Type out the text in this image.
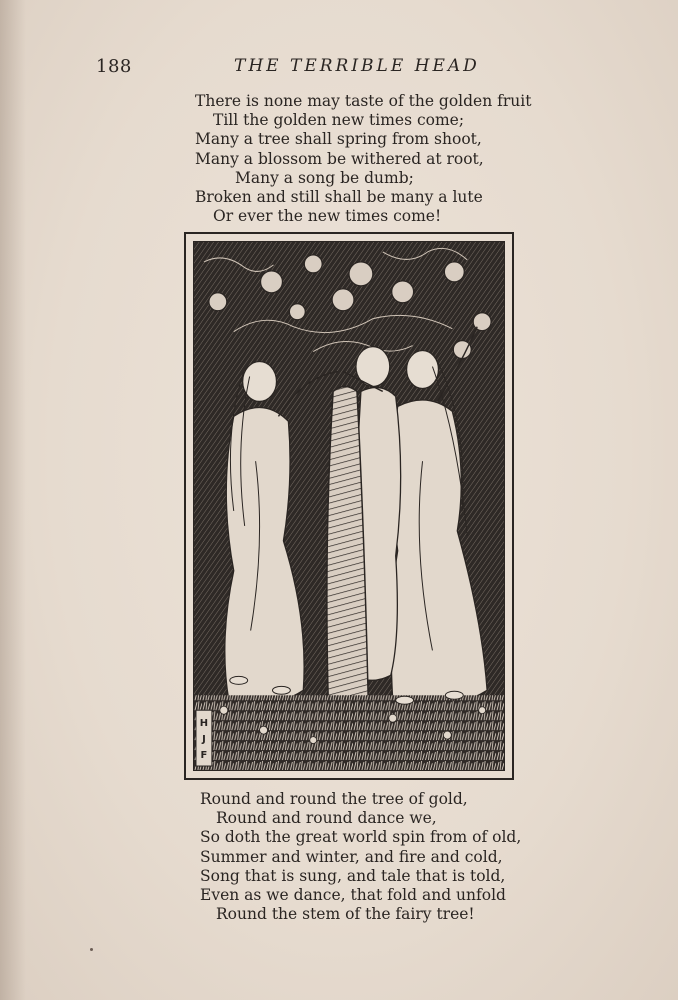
188	THE TERRIBLE HEAD
There is none may taste of the golden fruit
Till the golden new times come;
Many a tree shall spring from shoot,
Many a blossom be withered at root,
Many a song be dumb;
Broken and still shall be many a lute
Or ever the new times come!
H
J
F
Round and round the tree of gold,
Round and round dance we,
So doth the great world spin from of old,
Summer and winter, and fire and cold,
Song that is sung, and tale that is told,
Even as we dance, that fold and unfold
Round the stem of the fairy tree!
